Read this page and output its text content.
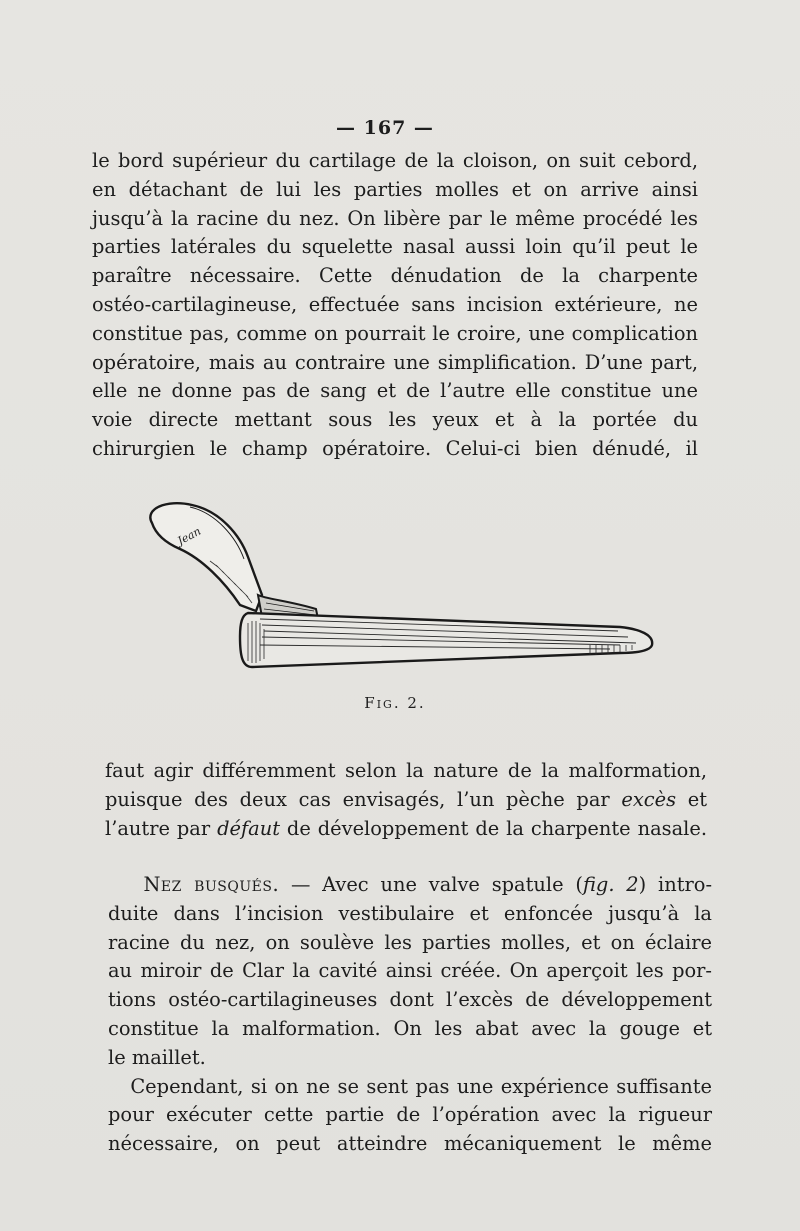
— 167 —
le bord supérieur du cartilage de la cloison, on suit cebord,
en détachant de lui les parties molles et on arrive ainsi
jusqu’à la racine du nez. On libère par le même procédé les
parties latérales du squelette nasal aussi loin qu’il peut le
paraître nécessaire. Cette dénudation de la charpente
ostéo-cartilagineuse, effectuée sans incision extérieure, ne
constitue pas, comme on pourrait le croire, une complication
opératoire, mais au contraire une simplification. D’une part,
elle ne donne pas de sang et de l’autre elle constitue une
voie directe mettant sous les yeux et à la portée du
chirurgien le champ opératoire. Celui-ci bien dénudé, il
Jean
Fig. 2.
faut agir différemment selon la nature de la malformation,
puisque des deux cas envisagés, l’un pèche par excès et
l’autre par défaut de développement de la charpente nasale.
Nez busqués. — Avec une valve spatule (fig. 2) intro-
duite dans l’incision vestibulaire et enfoncée jusqu’à la
racine du nez, on soulève les parties molles, et on éclaire
au miroir de Clar la cavité ainsi créée. On aperçoit les por-
tions ostéo-cartilagineuses dont l’excès de développement
constitue la malformation. On les abat avec la gouge et
le maillet.
Cependant, si on ne se sent pas une expérience suffisante
pour exécuter cette partie de l’opération avec la rigueur
nécessaire, on peut atteindre mécaniquement le même
